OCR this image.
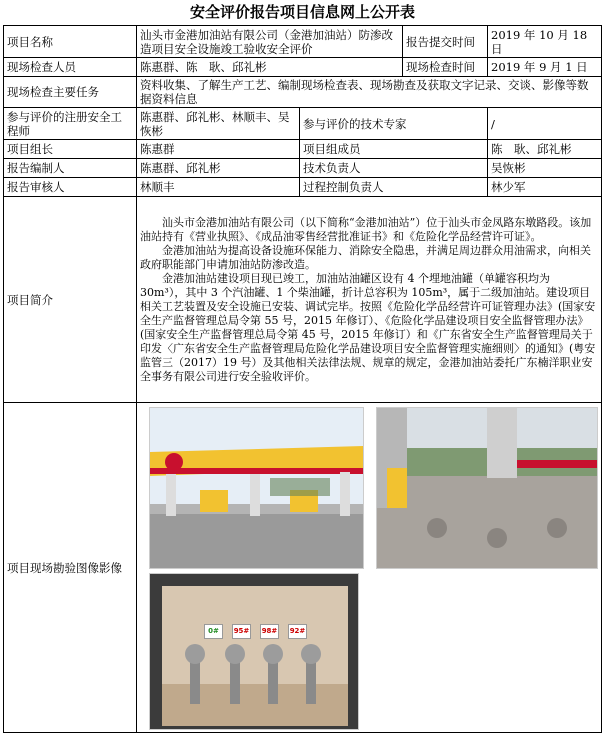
安全评价报告项目信息网上公开表
项目名称	汕头市金港加油站有限公司（金港加油站）防渗改造项目安全设施竣工验收安全评价		报告提交时间	2019 年 10 月 18 日
现场检查人员	陈惠群、陈　耿、邱礼彬		现场检查时间	2019 年 9 月 1 日
现场检查主要任务	资料收集、了解生产工艺、编制现场检查表、现场勘查及获取文字记录、交谈、影像等数据资料信息			
参与评价的注册安全工程师	陈惠群、邱礼彬、林顺丰、吴恢彬	参与评价的技术专家		/
项目组长	陈惠群	项目组成员		陈　耿、邱礼彬
报告编制人	陈惠群、邱礼彬	技术负责人		吴恢彬
报告审核人	林顺丰	过程控制负责人		林少军
项目简介	汕头市金港加油站有限公司（以下简称“金港加油站”）位于汕头市金凤路东墩路段。该加油站持有《营业执照》、《成品油零售经营批准证书》和《危险化学品经营许可证》。

金港加油站为提高设备设施环保能力、消除安全隐患，并满足周边群众用油需求，向相关政府职能部门申请加油站防渗改造。

金港加油站建设项目现已竣工，加油站油罐区设有 4 个埋地油罐（单罐容积均为 30m³），其中 3 个汽油罐、1 个柴油罐，折计总容积为 105m³，属于二级加油站。建设项目相关工艺装置及安全设施已安装、调试完毕。按照《危险化学品经营许可证管理办法》(国家安全生产监督管理总局令第 55 号，2015 年修订）、《危险化学品建设项目安全监督管理办法》(国家安全生产监督管理总局令第 45 号，2015 年修订）和《广东省安全生产监督管理局关于印发〈广东省安全生产监督管理局危险化学品建设项目安全监督管理实施细则〉的通知》(粤安监管三（2017）19 号）及其他相关法律法规、规章的规定，金港加油站委托广东楠洋职业安全事务有限公司进行安全验收评价。			

项目现场勘验图像影像	0# 95# 98# 92#			
